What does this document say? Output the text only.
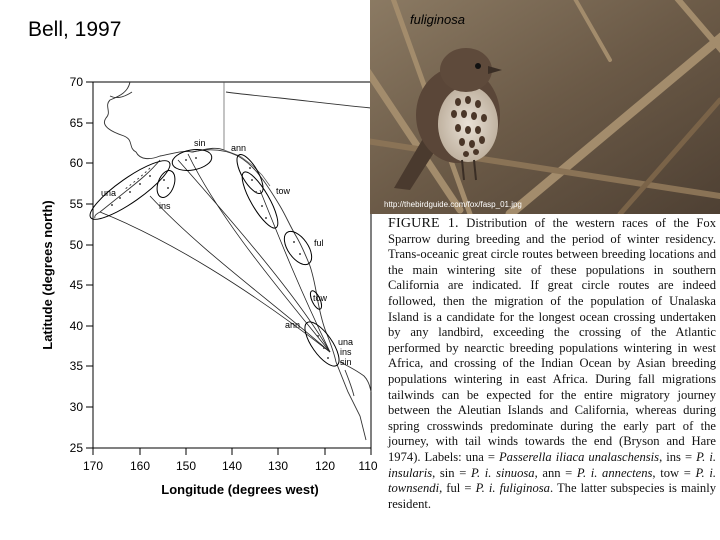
Bell, 1997
70
65
60
55
50
45
40
35
30
25
Latitude (degrees north)
170 160 150 140 130 120 110
Longitude (degrees west)
una
ins
sin	ann
tow
ful
tow
ann
una
ins
sin
fuliginosa
http://thebirdguide.com/fox/fasp_01.jpg
FIGURE 1. Distribution of the western races of the Fox Sparrow during breeding and the period of winter residency. Trans-oceanic great circle routes between breeding locations and the main wintering site of these populations in southern California are indicated. If great circle routes are indeed followed, then the migration of the population of Unalaska Island is a candidate for the longest ocean crossing undertaken by any landbird, exceeding the crossing of the Atlantic performed by nearctic breeding populations wintering in west Africa, and crossing of the Indian Ocean by Asian breeding populations wintering in east Africa. During fall migrations tailwinds can be expected for the entire migratory journey between the Aleutian Islands and California, whereas during spring crosswinds predominate during the early part of the journey, with tail winds towards the end (Bryson and Hare 1974). Labels: una = Passerella iliaca unalaschensis, ins = P. i. insularis, sin = P. i. sinuosa, ann = P. i. annectens, tow = P. i. townsendi, ful = P. i. fuliginosa. The latter subspecies is mainly resident.
